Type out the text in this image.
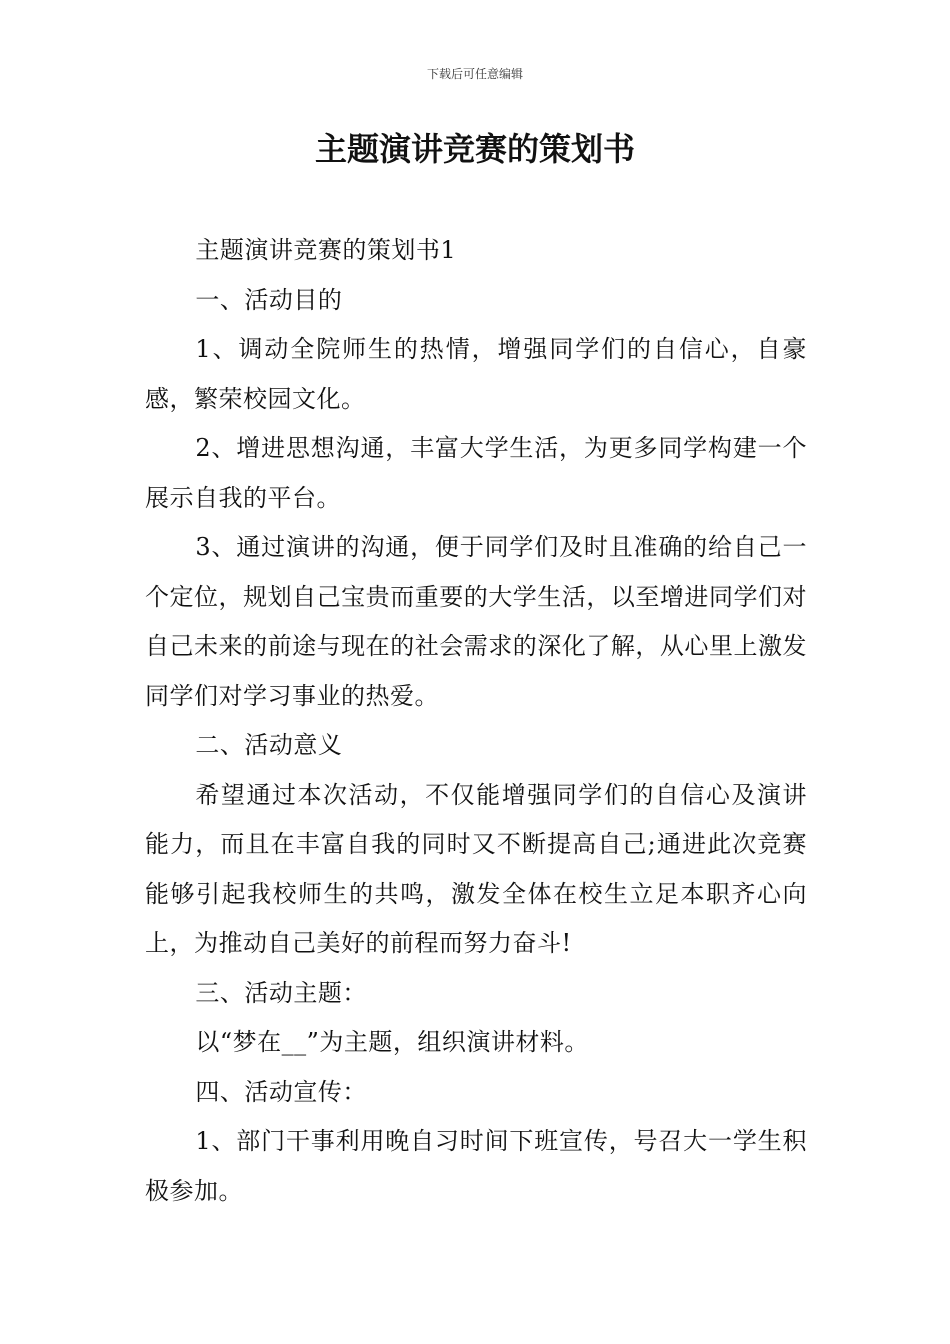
下载后可任意编辑
主题演讲竞赛的策划书

主题演讲竞赛的策划书1

一、活动目的

1、调动全院师生的热情，增强同学们的自信心，自豪感，繁荣校园文化。

2、增进思想沟通，丰富大学生活，为更多同学构建一个展示自我的平台。

3、通过演讲的沟通，便于同学们及时且准确的给自己一个定位，规划自己宝贵而重要的大学生活，以至增进同学们对自己未来的前途与现在的社会需求的深化了解，从心里上激发同学们对学习事业的热爱。

二、活动意义

希望通过本次活动，不仅能增强同学们的自信心及演讲能力，而且在丰富自我的同时又不断提高自己;通进此次竞赛能够引起我校师生的共鸣，激发全体在校生立足本职齐心向上，为推动自己美好的前程而努力奋斗!

三、活动主题：

以“梦在__”为主题，组织演讲材料。

四、活动宣传：

1、部门干事利用晚自习时间下班宣传，号召大一学生积极参加。
